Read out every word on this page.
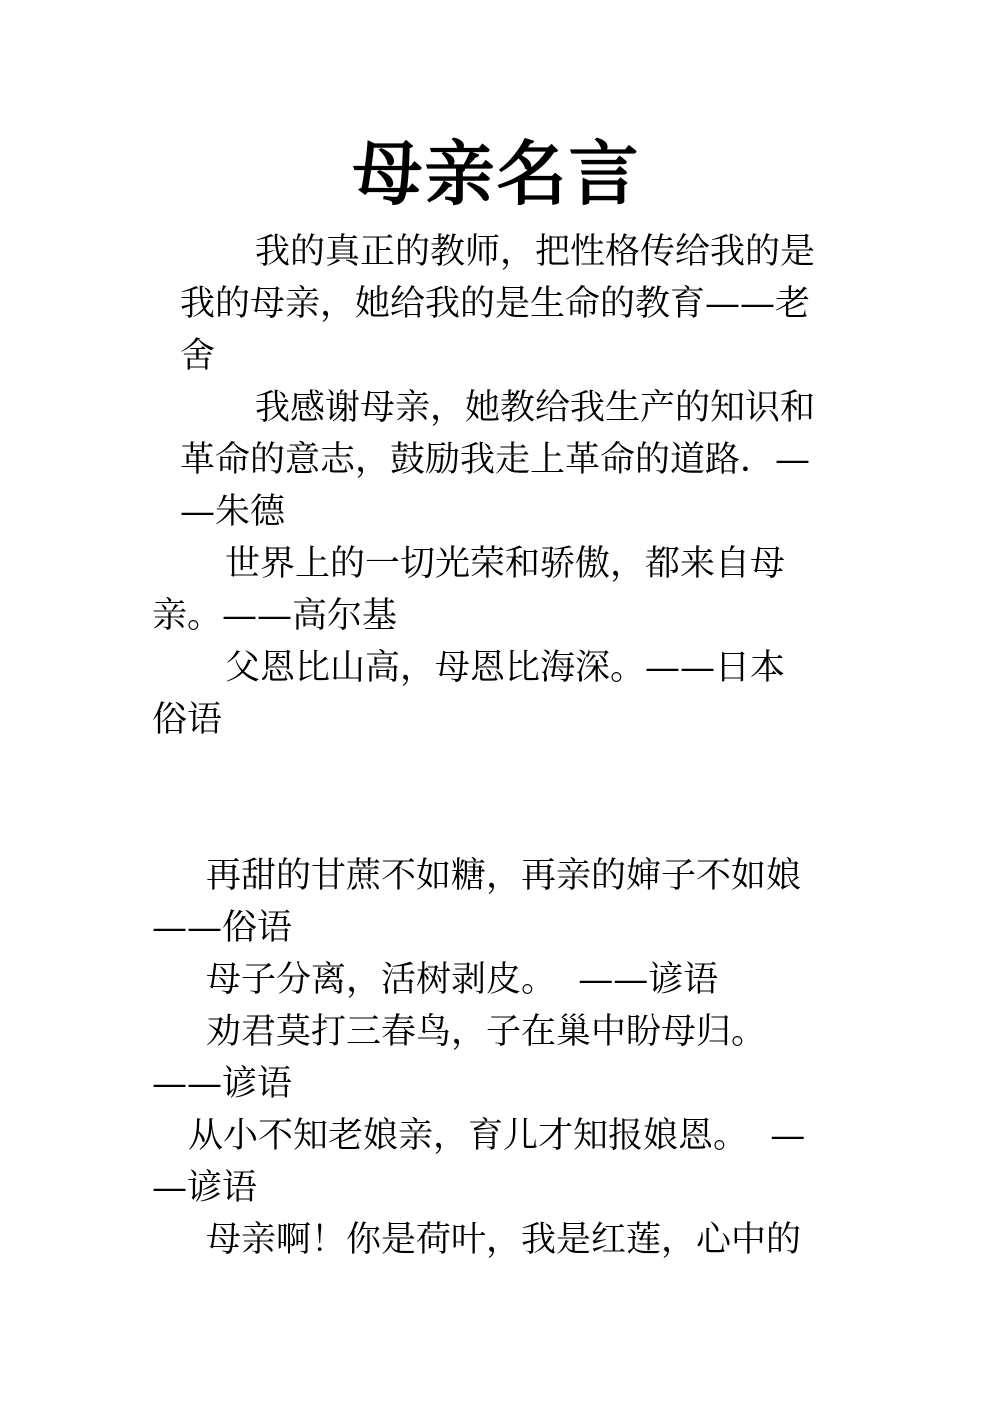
母亲名言
我的真正的教师，把性格传给我的是
我的母亲，她给我的是生命的教育——老
舍
我感谢母亲，她教给我生产的知识和
革命的意志，鼓励我走上革命的道路．—
—朱德
世界上的一切光荣和骄傲，都来自母
亲。——高尔基
父恩比山高，母恩比海深。——日本
俗语
再甜的甘蔗不如糖，再亲的婶子不如娘
——俗语
母子分离，活树剥皮。  ——谚语
劝君莫打三春鸟，子在巢中盼母归。
——谚语
从小不知老娘亲，育儿才知报娘恩。  —
—谚语
母亲啊！你是荷叶，我是红莲，心中的
